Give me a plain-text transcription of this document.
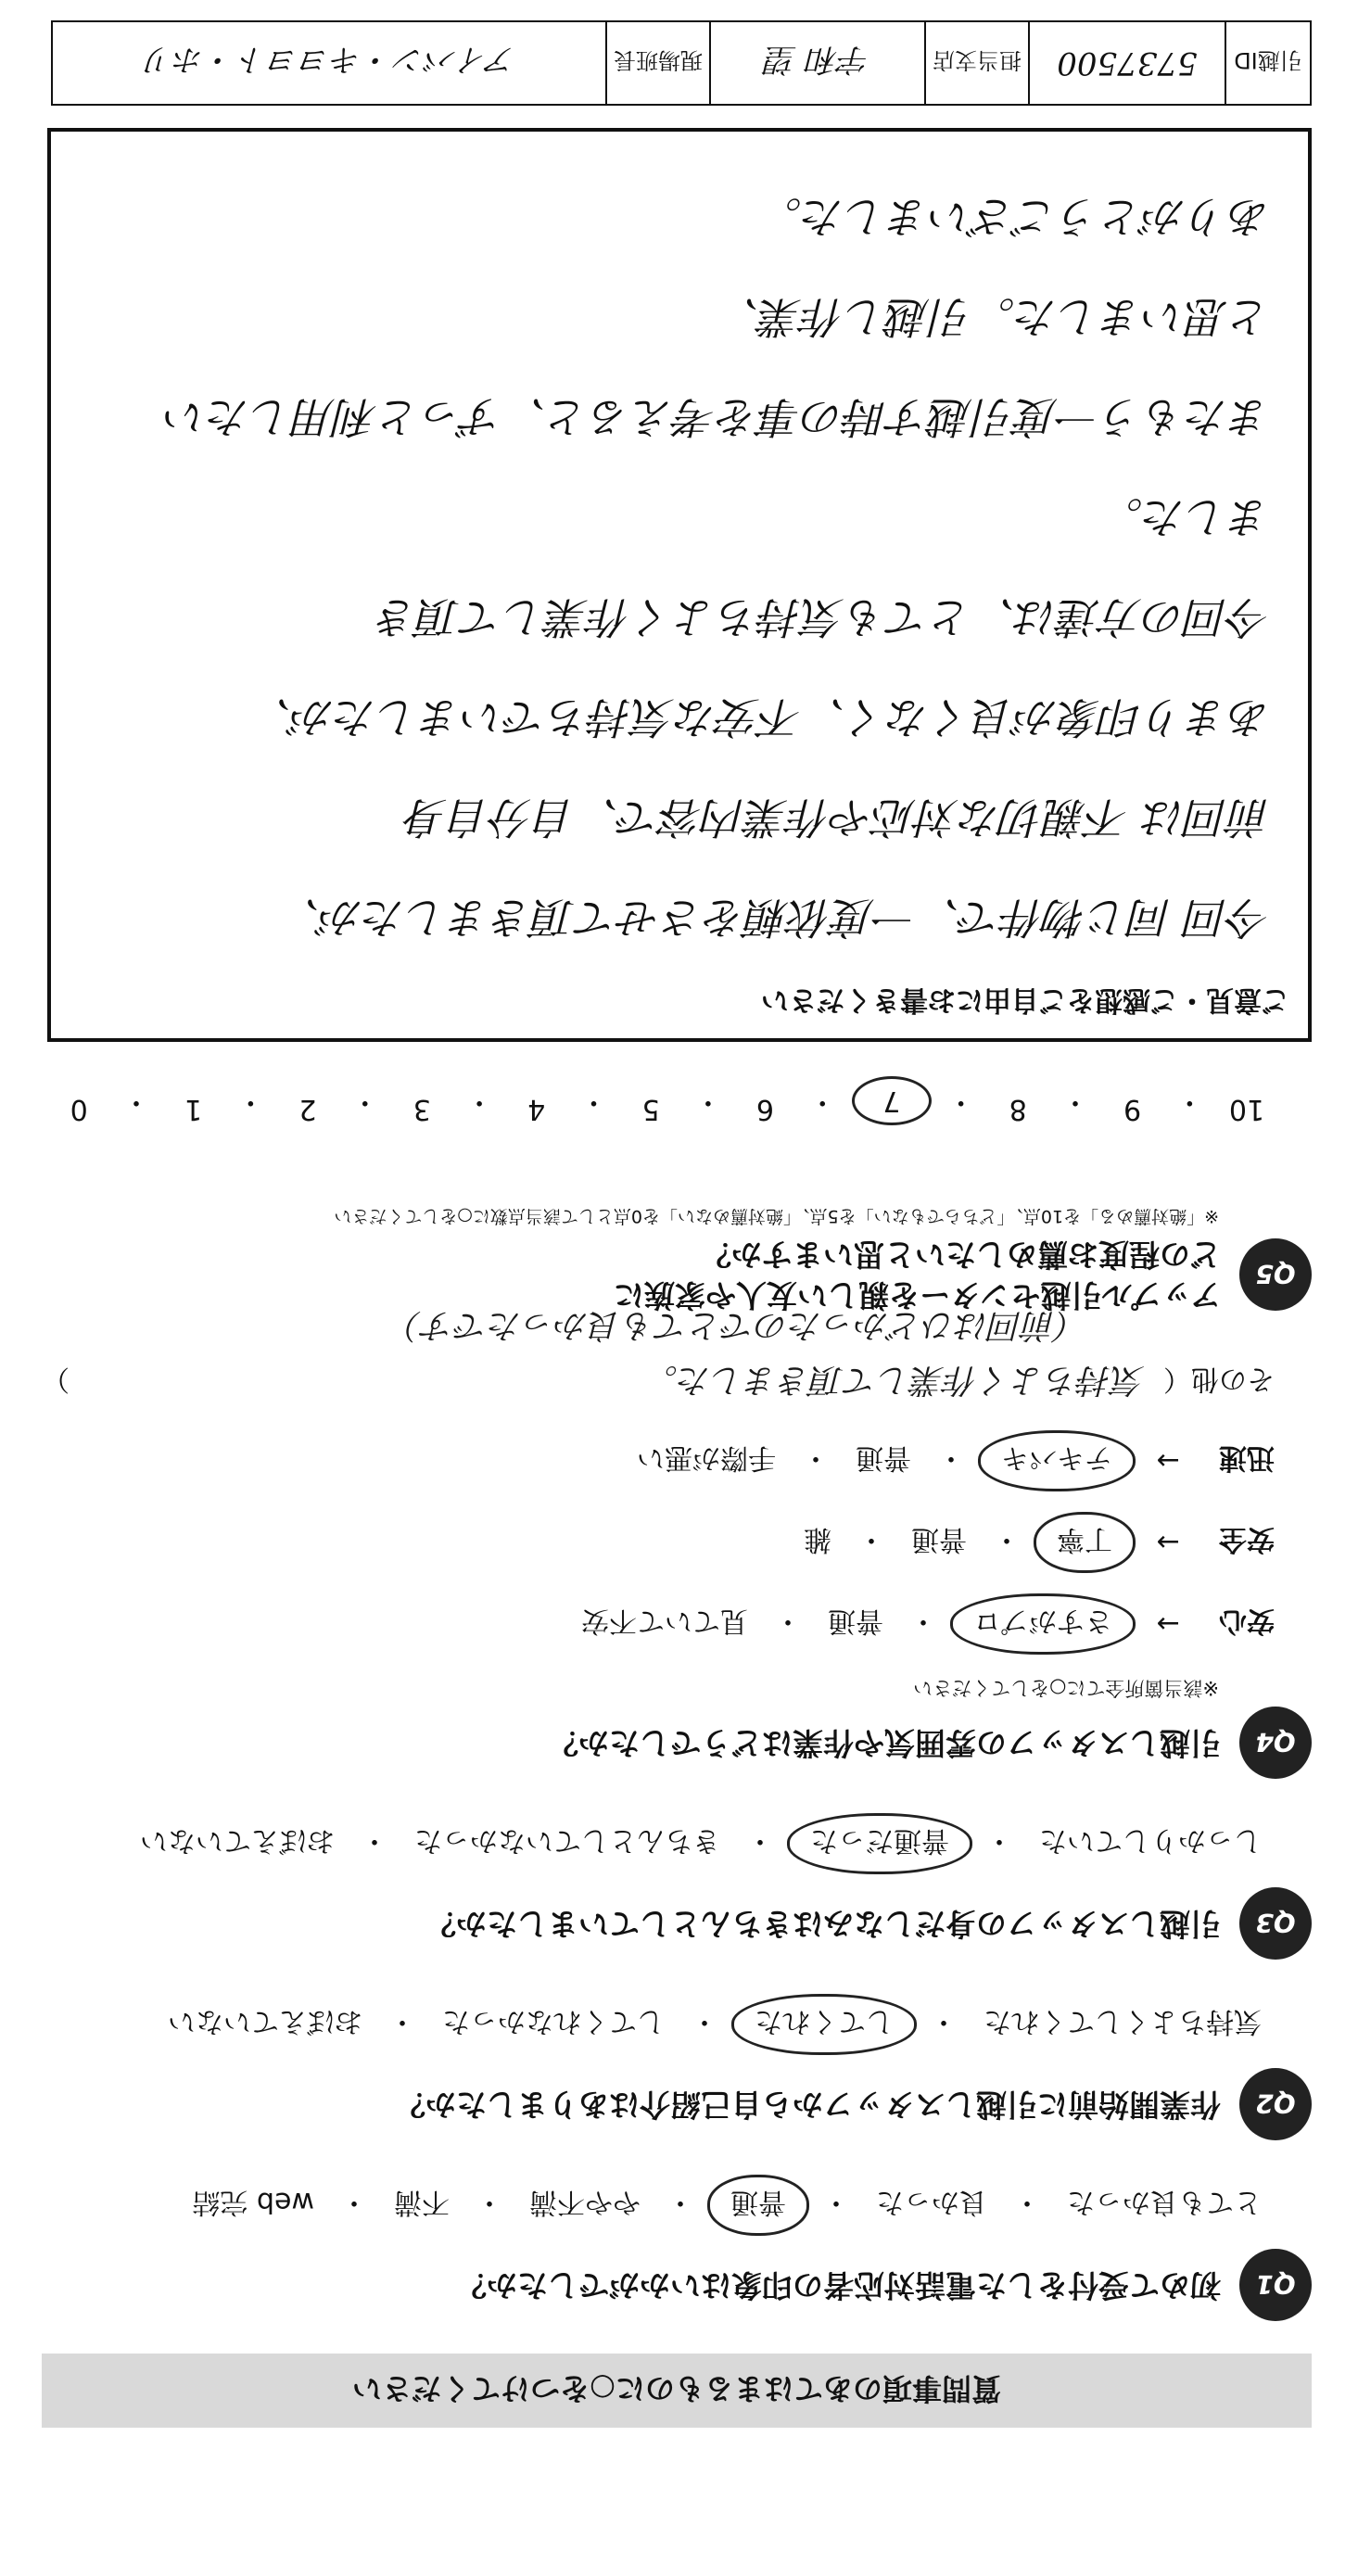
質問事項のあてはまるものに○をつけてください
Q1
初めて受付をした電話対応者の印象はいかがでしたか？
とても良かった
・
良かった
・
普通
・
やや不満
・
不満
・
web 完結
Q2
作業開始前に引越しスタッフから自己紹介はありましたか？
気持ちよくしてくれた
・
してくれた
・
してくれなかった
・
おぼえていない
Q3
引越しスタッフの身だしなみはきちんとしていましたか？
しっかりしていた
・
普通だった
・
きちんとしていなかった
・
おぼえていない
Q4
引越しスタッフの雰囲気や作業はどうでしたか？
※該当箇所全てに○をしてください
安心
→
さすがプロ
・
普通
・
見ていて不安
安全
→
丁寧
・
普通
・
雑
迅速
→
テキパキ
・
普通
・
手際が悪い
その他（
気持ちよく作業して頂きました。
）
（前回はひどかったのでとても良かったです）
Q5
アップル引越センターを親しい友人や家族に
どの程度お薦めしたいと思いますか？
※「絶対薦める」を10点、「どちらでもない」を5点、「絶対薦めない」を0点として該当点数に○をしてください
10
・
9
・
8
・
7
・
6
・
5
・
4
・
3
・
2
・
1
・
0
ご意見・ご感想をご自由にお書きください
今回 同じ物件で、一度依頼をさせて頂きましたが、
前回は 不親切な対応や作業内容で、自分自身
あまり印象が良くなく、不安な気持ちでいましたが、
今回の方達は、とても気持ちよく作業して頂き
ました。
またもう一度引越す時の事を考えると、ずっと利用したい
と思いました。引越し作業、
ありがとうございました。
引越ID
5737500
担当支店
宇和 望
現場班長
アイバン・キヨヨト・ホリ
